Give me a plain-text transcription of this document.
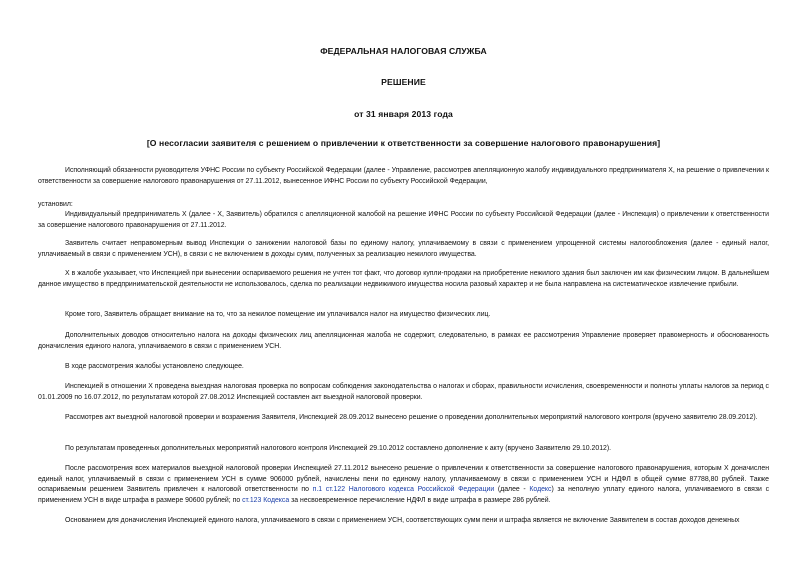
ФЕДЕРАЛЬНАЯ НАЛОГОВАЯ СЛУЖБА
РЕШЕНИЕ
от 31 января 2013 года
[О несогласии заявителя с решением о привлечении к ответственности за совершение налогового правонарушения]
Исполняющий обязанности руководителя УФНС России по субъекту Российской Федерации (далее - Управление, рассмотрев апелляционную жалобу индивидуального предпринимателя Х, на решение о привлечении к ответственности за совершение налогового правонарушения от 27.11.2012, вынесенное ИФНС России по субъекту Российской Федерации,
установил:
Индивидуальный предприниматель Х (далее - Х, Заявитель) обратился с апелляционной жалобой на решение ИФНС России по субъекту Российской Федерации (далее - Инспекция) о привлечении к ответственности за совершение налогового правонарушения от 27.11.2012.
Заявитель считает неправомерным вывод Инспекции о занижении налоговой базы по единому налогу, уплачиваемому в связи с применением упрощенной системы налогообложения (далее - единый налог, уплачиваемый в связи с применением УСН), в связи с не включением в доходы сумм, полученных за реализацию нежилого имущества.
Х в жалобе указывает, что Инспекцией при вынесении оспариваемого решения не учтен тот факт, что договор купли-продажи на приобретение нежилого здания был заключен им как физическим лицом. В дальнейшем данное имущество в предпринимательской деятельности не использовалось, сделка по реализации недвижимого имущества носила разовый характер и не была направлена на систематическое извлечение прибыли.
Кроме того, Заявитель обращает внимание на то, что за нежилое помещение им уплачивался налог на имущество физических лиц.
Дополнительных доводов относительно налога на доходы физических лиц апелляционная жалоба не содержит, следовательно, в рамках ее рассмотрения Управление проверяет правомерность и обоснованность доначисления единого налога, уплачиваемого в связи с применением УСН.
В ходе рассмотрения жалобы установлено следующее.
Инспекцией в отношении Х проведена выездная налоговая проверка по вопросам соблюдения законодательства о налогах и сборах, правильности исчисления, своевременности и полноты уплаты налогов за период с 01.01.2009 по 16.07.2012, по результатам которой 27.08.2012 Инспекцией составлен акт выездной налоговой проверки.
Рассмотрев акт выездной налоговой проверки и возражения Заявителя, Инспекцией 28.09.2012 вынесено решение о проведении дополнительных мероприятий налогового контроля (вручено заявителю 28.09.2012).
По результатам проведенных дополнительных мероприятий налогового контроля Инспекцией 29.10.2012 составлено дополнение к акту (вручено Заявителю 29.10.2012).
После рассмотрения всех материалов выездной налоговой проверки Инспекцией 27.11.2012 вынесено решение о привлечении к ответственности за совершение налогового правонарушения, которым Х доначислен единый налог, уплачиваемый в связи с применением УСН в сумме 906000 рублей, начислены пени по единому налогу, уплачиваемому в связи с применением УСН и НДФЛ в общей сумме 87788,80 рублей. Также оспариваемым решением Заявитель привлечен к налоговой ответственности по п.1 ст.122 Налогового кодекса Российской Федерации (далее - Кодекс) за неполную уплату единого налога, уплачиваемого в связи с применением УСН в виде штрафа в размере 90600 рублей; по ст.123 Кодекса за несвоевременное перечисление НДФЛ в виде штрафа в размере 286 рублей.
Основанием для доначисления Инспекцией единого налога, уплачиваемого в связи с применением УСН, соответствующих сумм пени и штрафа является не включение Заявителем в состав доходов денежных
